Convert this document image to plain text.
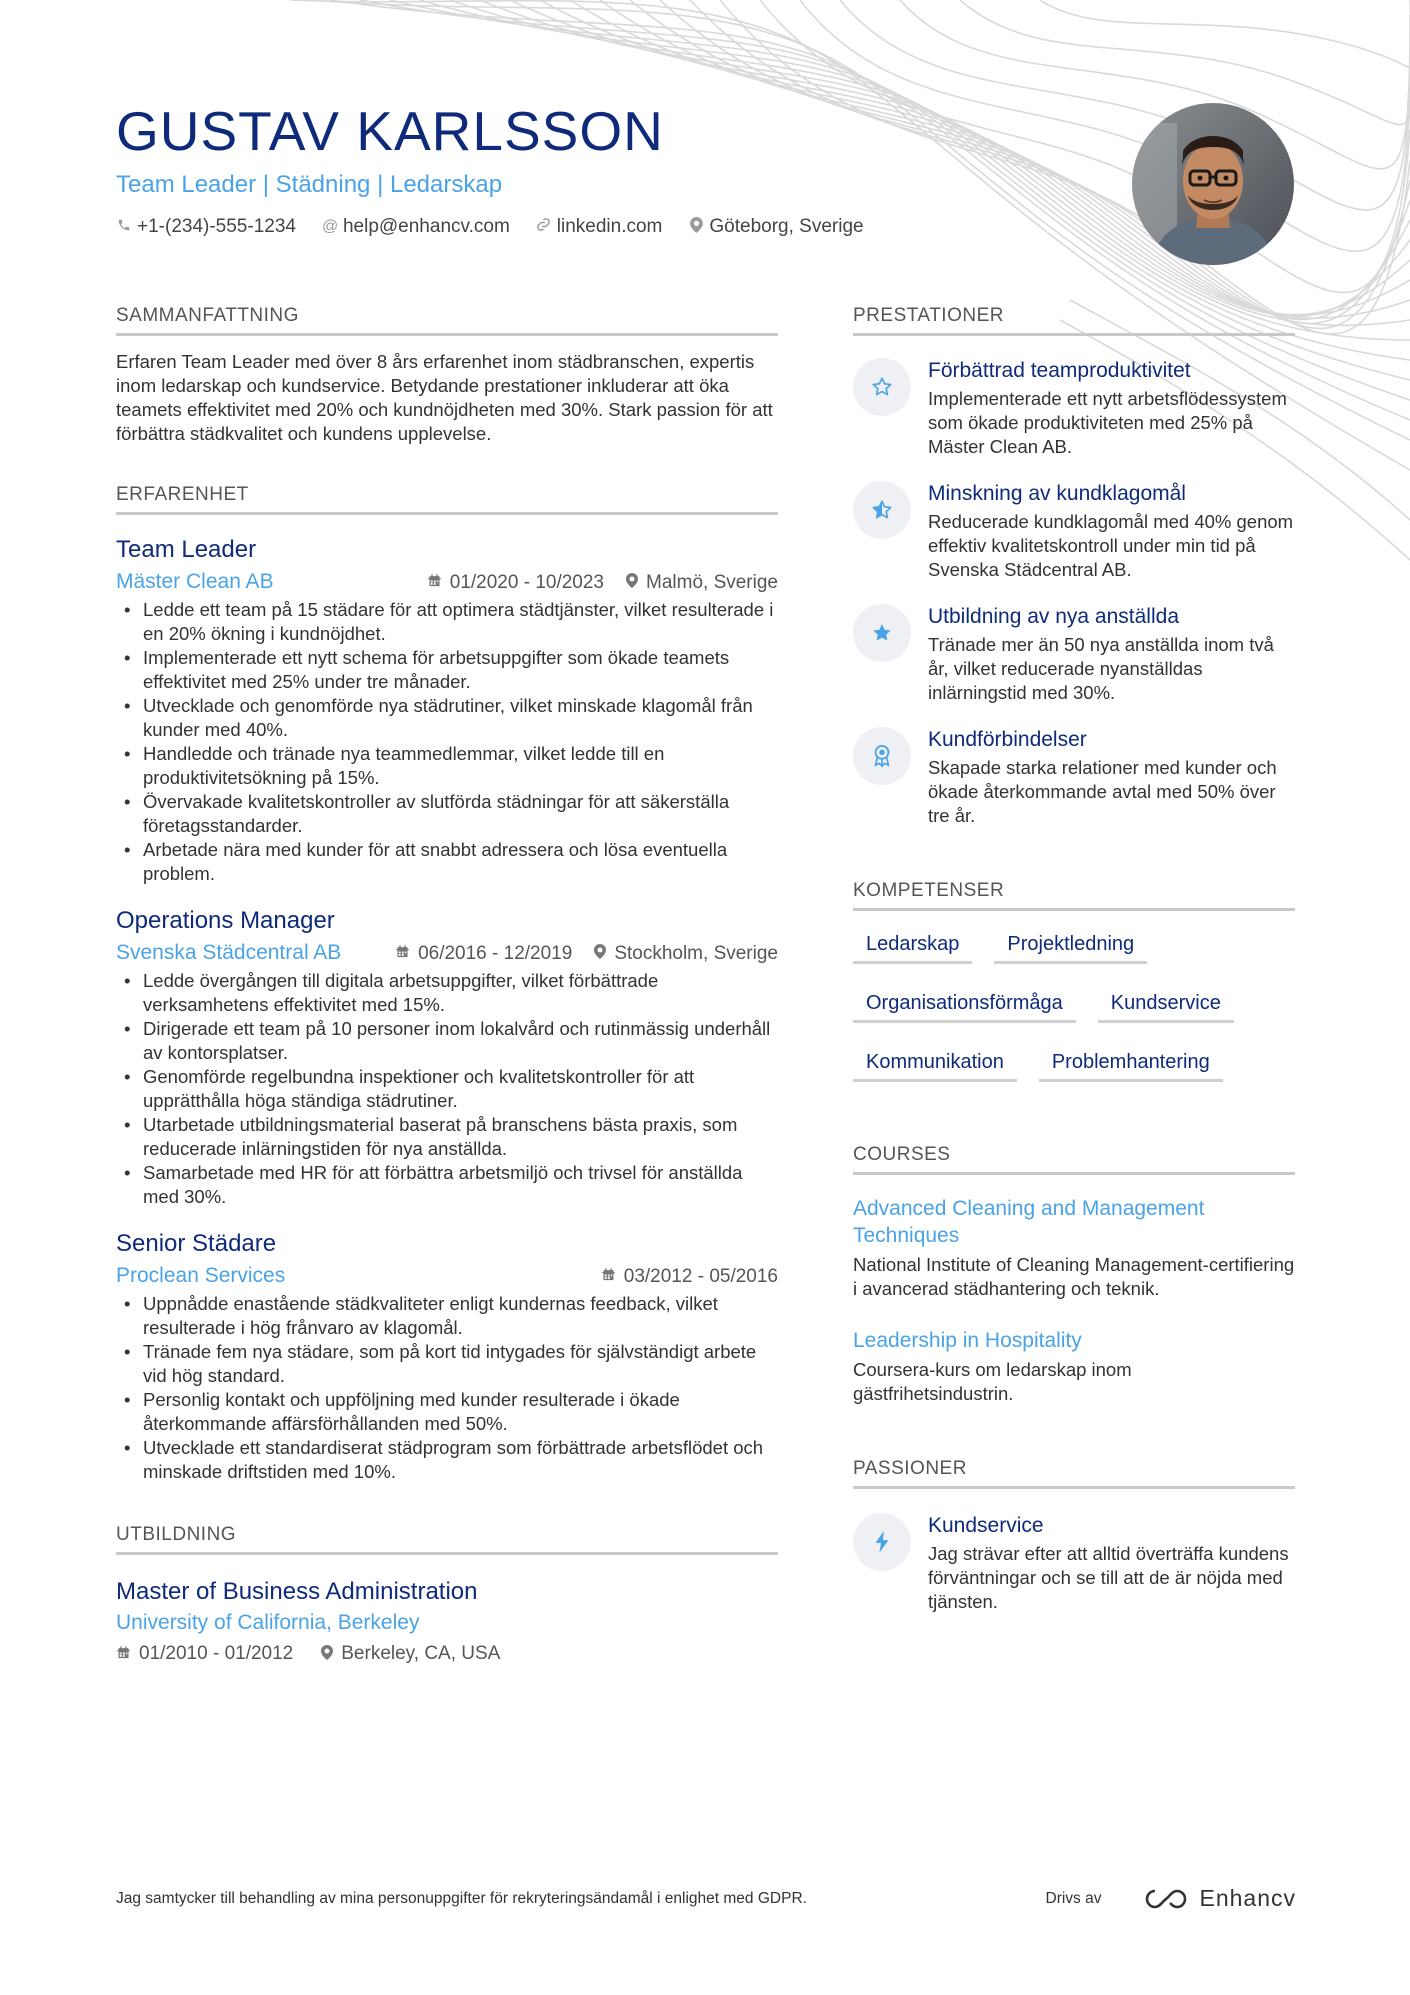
GUSTAV KARLSSON
Team Leader | Städning | Ledarskap
+1-(234)-555-1234 @ help@enhancv.com linkedin.com Göteborg, Sverige
SAMMANFATTNING

Erfaren Team Leader med över 8 års erfarenhet inom städbranschen, expertis inom ledarskap och kundservice. Betydande prestationer inkluderar att öka teamets effektivitet med 20% och kundnöjdheten med 30%. Stark passion för att förbättra städkvalitet och kundens upplevelse.

ERFARENHET
Team Leader
Mäster Clean AB	01/2020 - 10/2023 Malmö, Sverige
• Ledde ett team på 15 städare för att optimera städtjänster, vilket resulterade i en 20% ökning i kundnöjdhet.
• Implementerade ett nytt schema för arbetsuppgifter som ökade teamets effektivitet med 25% under tre månader.
• Utvecklade och genomförde nya städrutiner, vilket minskade klagomål från kunder med 40%.
• Handledde och tränade nya teammedlemmar, vilket ledde till en produktivitetsökning på 15%.
• Övervakade kvalitetskontroller av slutförda städningar för att säkerställa företagsstandarder.
• Arbetade nära med kunder för att snabbt adressera och lösa eventuella problem.
Operations Manager
Svenska Städcentral AB	06/2016 - 12/2019 Stockholm, Sverige
• Ledde övergången till digitala arbetsuppgifter, vilket förbättrade verksamhetens effektivitet med 15%.
• Dirigerade ett team på 10 personer inom lokalvård och rutinmässig underhåll av kontorsplatser.
• Genomförde regelbundna inspektioner och kvalitetskontroller för att upprätthålla höga ständiga städrutiner.
• Utarbetade utbildningsmaterial baserat på branschens bästa praxis, som reducerade inlärningstiden för nya anställda.
• Samarbetade med HR för att förbättra arbetsmiljö och trivsel för anställda med 30%.
Senior Städare
Proclean Services	03/2012 - 05/2016
• Uppnådde enastående städkvaliteter enligt kundernas feedback, vilket resulterade i hög frånvaro av klagomål.
• Tränade fem nya städare, som på kort tid intygades för självständigt arbete vid hög standard.
• Personlig kontakt och uppföljning med kunder resulterade i ökade återkommande affärsförhållanden med 50%.
• Utvecklade ett standardiserat städprogram som förbättrade arbetsflödet och minskade driftstiden med 10%.
UTBILDNING
Master of Business Administration
University of California, Berkeley
01/2010 - 01/2012	Berkeley, CA, USA
PRESTATIONER
Förbättrad teamproduktivitet
Implementerade ett nytt arbetsflödessystem som ökade produktiviteten med 25% på Mäster Clean AB.
Minskning av kundklagomål
Reducerade kundklagomål med 40% genom effektiv kvalitetskontroll under min tid på Svenska Städcentral AB.
Utbildning av nya anställda
Tränade mer än 50 nya anställda inom två år, vilket reducerade nyanställdas inlärningstid med 30%.
Kundförbindelser
Skapade starka relationer med kunder och ökade återkommande avtal med 50% över tre år.
KOMPETENSER
Ledarskap	Projektledning
Organisationsförmåga	Kundservice
Kommunikation	Problemhantering
COURSES
Advanced Cleaning and Management Techniques
National Institute of Cleaning Management-certifiering i avancerad städhantering och teknik.
Leadership in Hospitality
Coursera-kurs om ledarskap inom gästfrihetsindustrin.
PASSIONER
Kundservice
Jag strävar efter att alltid överträffa kundens förväntningar och se till att de är nöjda med tjänsten.
Jag samtycker till behandling av mina personuppgifter för rekryteringsändamål i enlighet med GDPR.	Drivs av	Enhancv
